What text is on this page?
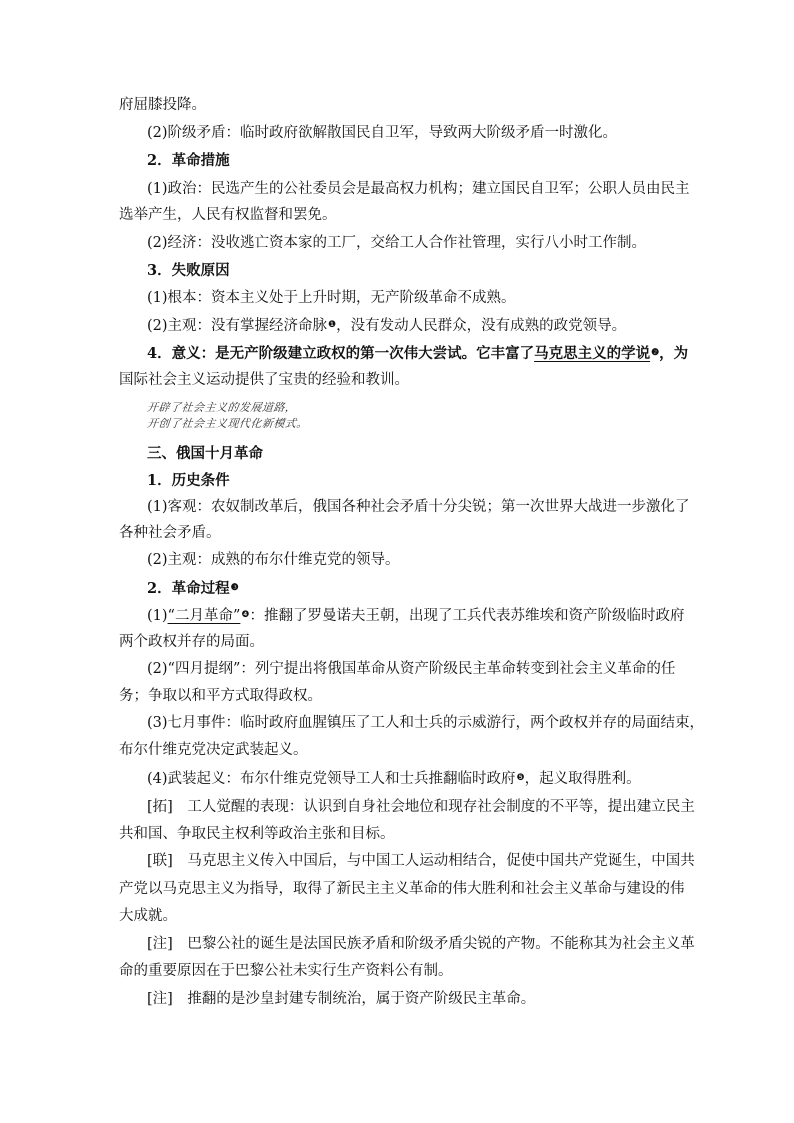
府屈膝投降。
(2)阶级矛盾：临时政府欲解散国民自卫军，导致两大阶级矛盾一时激化。
2．革命措施
(1)政治：民选产生的公社委员会是最高权力机构；建立国民自卫军；公职人员由民主
选举产生，人民有权监督和罢免。
(2)经济：没收逃亡资本家的工厂，交给工人合作社管理，实行八小时工作制。
3．失败原因
(1)根本：资本主义处于上升时期，无产阶级革命不成熟。
(2)主观：没有掌握经济命脉$^❶$，没有发动人民群众，没有成熟的政党领导。
4．意义：是无产阶级建立政权的第一次伟大尝试。它丰富了马克思主义的学说$^❷$，为
国际社会主义运动提供了宝贵的经验和教训。
开辟了社会主义的发展道路，
开创了社会主义现代化新模式。
三、俄国十月革命
1．历史条件
(1)客观：农奴制改革后，俄国各种社会矛盾十分尖锐；第一次世界大战进一步激化了
各种社会矛盾。
(2)主观：成熟的布尔什维克党的领导。
2．革命过程$^❸$
(1)“二月革命”$^❹$：推翻了罗曼诺夫王朝，出现了工兵代表苏维埃和资产阶级临时政府
两个政权并存的局面。
(2)“四月提纲”：列宁提出将俄国革命从资产阶级民主革命转变到社会主义革命的任
务；争取以和平方式取得政权。
(3)七月事件：临时政府血腥镇压了工人和士兵的示威游行，两个政权并存的局面结束，
布尔什维克党决定武装起义。
(4)武装起义：布尔什维克党领导工人和士兵推翻临时政府$^❺$，起义取得胜利。
[拓]　工人觉醒的表现：认识到自身社会地位和现存社会制度的不平等，提出建立民主
共和国、争取民主权利等政治主张和目标。
[联]　马克思主义传入中国后，与中国工人运动相结合，促使中国共产党诞生，中国共
产党以马克思主义为指导，取得了新民主主义革命的伟大胜利和社会主义革命与建设的伟
大成就。
[注]　巴黎公社的诞生是法国民族矛盾和阶级矛盾尖锐的产物。不能称其为社会主义革
命的重要原因在于巴黎公社未实行生产资料公有制。
[注]　推翻的是沙皇封建专制统治，属于资产阶级民主革命。
